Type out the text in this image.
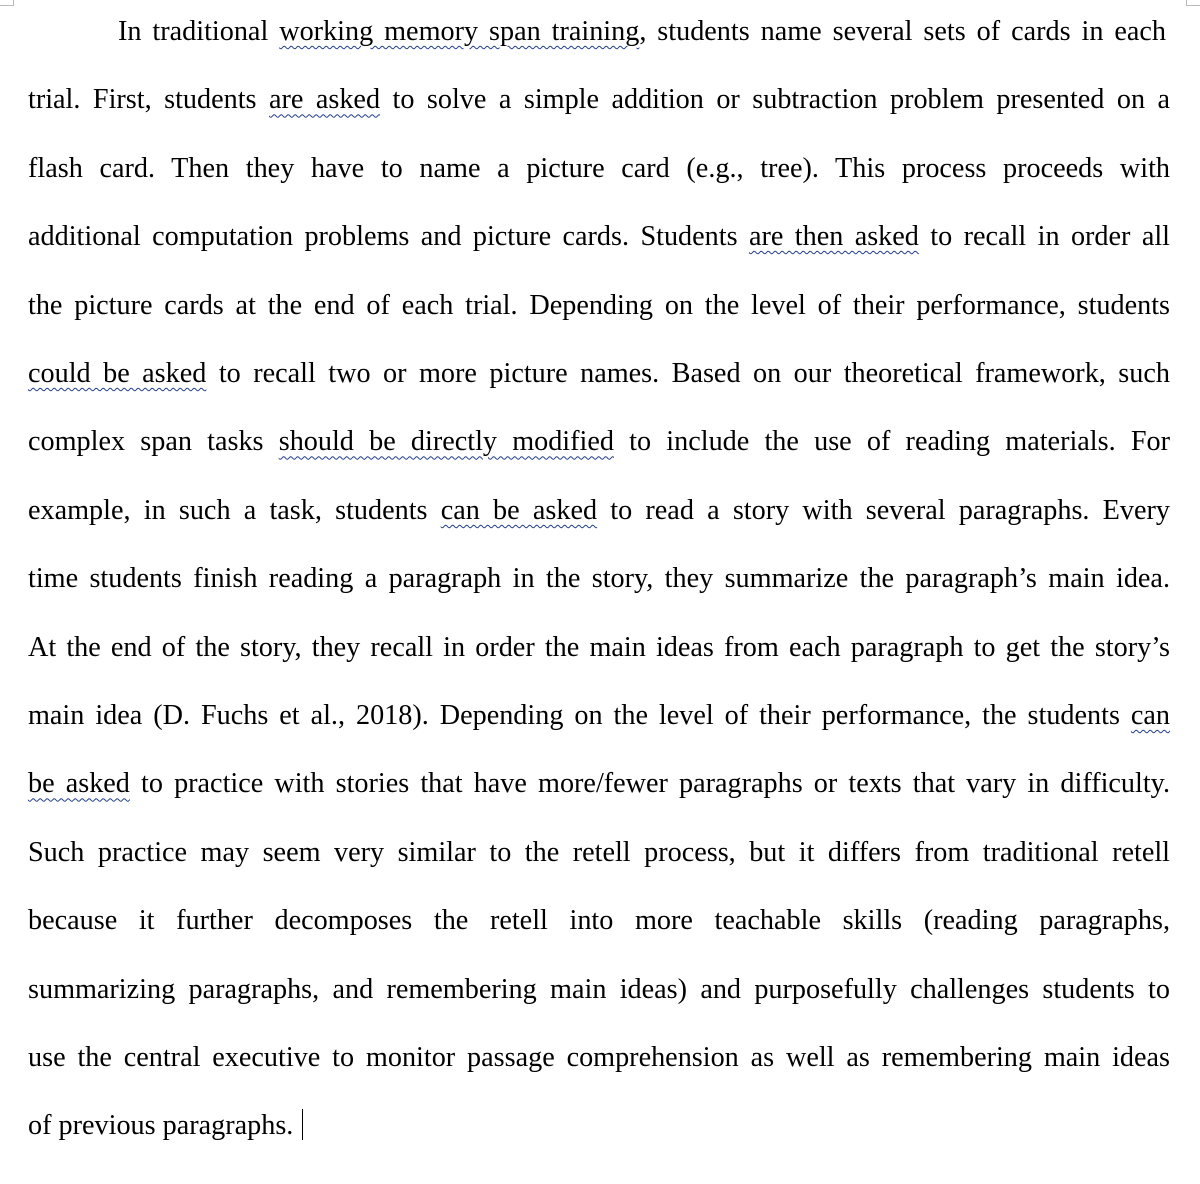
In traditional working memory span training, students name several sets of cards in each
trial. First, students are asked to solve a simple addition or subtraction problem presented on a
flash card. Then they have to name a picture card (e.g., tree). This process proceeds with
additional computation problems and picture cards. Students are then asked to recall in order all
the picture cards at the end of each trial. Depending on the level of their performance, students
could be asked to recall two or more picture names. Based on our theoretical framework, such
complex span tasks should be directly modified to include the use of reading materials. For
example, in such a task, students can be asked to read a story with several paragraphs. Every
time students finish reading a paragraph in the story, they summarize the paragraph’s main idea.
At the end of the story, they recall in order the main ideas from each paragraph to get the story’s
main idea (D. Fuchs et al., 2018). Depending on the level of their performance, the students can
be asked to practice with stories that have more/fewer paragraphs or texts that vary in difficulty.
Such practice may seem very similar to the retell process, but it differs from traditional retell
because it further decomposes the retell into more teachable skills (reading paragraphs,
summarizing paragraphs, and remembering main ideas) and purposefully challenges students to
use the central executive to monitor passage comprehension as well as remembering main ideas
of previous paragraphs.
